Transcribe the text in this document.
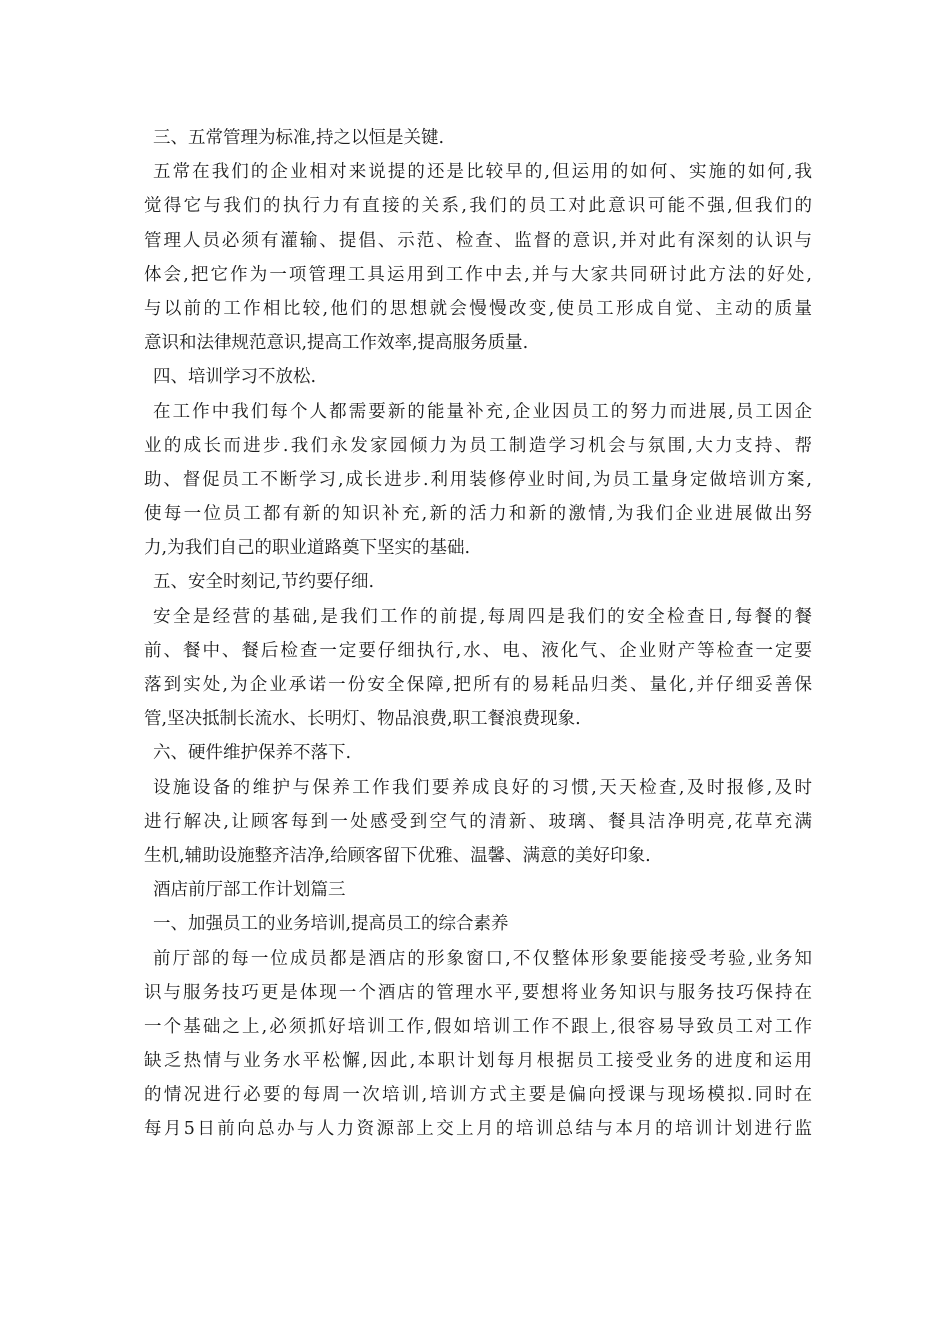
三、五常管理为标准,持之以恒是关键.
五常在我们的企业相对来说提的还是比较早的,但运用的如何、实施的如何,我
觉得它与我们的执行力有直接的关系,我们的员工对此意识可能不强,但我们的
管理人员必须有灌输、提倡、示范、检查、监督的意识,并对此有深刻的认识与
体会,把它作为一项管理工具运用到工作中去,并与大家共同研讨此方法的好处,
与以前的工作相比较,他们的思想就会慢慢改变,使员工形成自觉、主动的质量
意识和法律规范意识,提高工作效率,提高服务质量.
四、培训学习不放松.
在工作中我们每个人都需要新的能量补充,企业因员工的努力而进展,员工因企
业的成长而进步.我们永发家园倾力为员工制造学习机会与氛围,大力支持、帮
助、督促员工不断学习,成长进步.利用装修停业时间,为员工量身定做培训方案,
使每一位员工都有新的知识补充,新的活力和新的激情,为我们企业进展做出努
力,为我们自己的职业道路奠下坚实的基础.
五、安全时刻记,节约要仔细.
安全是经营的基础,是我们工作的前提,每周四是我们的安全检查日,每餐的餐
前、餐中、餐后检查一定要仔细执行,水、电、液化气、企业财产等检查一定要
落到实处,为企业承诺一份安全保障,把所有的易耗品归类、量化,并仔细妥善保
管,坚决抵制长流水、长明灯、物品浪费,职工餐浪费现象.
六、硬件维护保养不落下.
设施设备的维护与保养工作我们要养成良好的习惯,天天检查,及时报修,及时
进行解决,让顾客每到一处感受到空气的清新、玻璃、餐具洁净明亮,花草充满
生机,辅助设施整齐洁净,给顾客留下优雅、温馨、满意的美好印象.
酒店前厅部工作计划篇三
一、加强员工的业务培训,提高员工的综合素养
前厅部的每一位成员都是酒店的形象窗口,不仅整体形象要能接受考验,业务知
识与服务技巧更是体现一个酒店的管理水平,要想将业务知识与服务技巧保持在
一个基础之上,必须抓好培训工作,假如培训工作不跟上,很容易导致员工对工作
缺乏热情与业务水平松懈,因此,本职计划每月根据员工接受业务的进度和运用
的情况进行必要的每周一次培训,培训方式主要是偏向授课与现场模拟.同时在
每月5日前向总办与人力资源部上交上月的培训总结与本月的培训计划进行监
